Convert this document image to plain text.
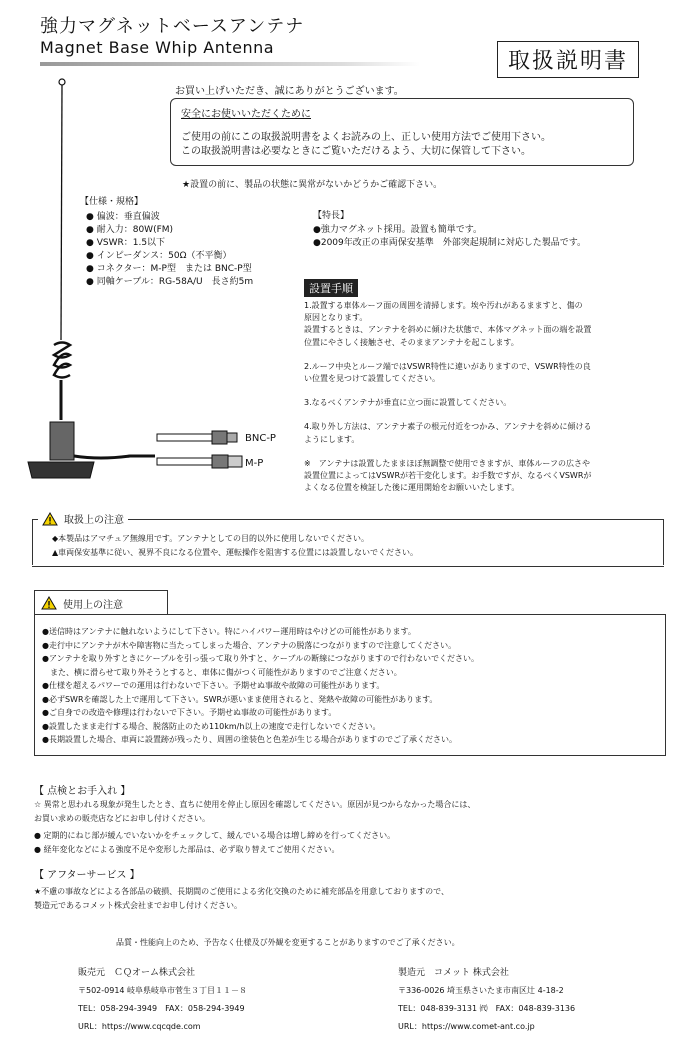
強力マグネットベースアンテナ
Magnet Base Whip Antenna
取扱説明書
BNC-P
M-P
お買い上げいただき、誠にありがとうございます。
安全にお使いいただくために
ご使用の前にこの取扱説明書をよくお読みの上、正しい使用方法でご使用下さい。
この取扱説明書は必要なときにご覧いただけるよう、大切に保管して下さい。
★設置の前に、製品の状態に異常がないかどうかご確認下さい。
【仕様・規格】
● 偏波：垂直偏波
● 耐入力：80W(FM)
● VSWR：1.5以下
● インピーダンス：50Ω（不平衡）
● コネクター：M-P型　または BNC-P型
● 同軸ケーブル：RG-58A/U　長さ約5m
【特長】
●強力マグネット採用。設置も簡単です。
●2009年改正の車両保安基準　外部突起規制に対応した製品です。
設置手順
1.設置する車体ルーフ面の周囲を清掃します。埃や汚れがあるまますと、傷の
原因となります。
設置するときは、アンテナを斜めに傾けた状態で、本体マグネット面の端を設置
位置にやさしく接触させ、そのままアンテナを起こします。
2.ルーフ中央とルーフ端ではVSWR特性に違いがありますので、VSWR特性の良
い位置を見つけて設置してください。
3.なるべくアンテナが垂直に立つ面に設置してください。
4.取り外し方法は、アンテナ素子の根元付近をつかみ、アンテナを斜めに傾ける
ようにします。
※　アンテナは設置したままほぼ無調整で使用できますが、車体ルーフの広さや
設置位置によってはVSWRが若干変化します。お手数ですが、なるべくVSWRが
よくなる位置を検証した後に運用開始をお願いいたします。
取扱上の注意
◆本製品はアマチュア無線用です。アンテナとしての目的以外に使用しないでください。
▲車両保安基準に従い、視界不良になる位置や、運転操作を阻害する位置には設置しないでください。
使用上の注意
●送信時はアンテナに触れないようにして下さい。特にハイパワー運用時はやけどの可能性があります。
●走行中にアンテナが木や障害物に当たってしまった場合、アンテナの脱落につながりますので注意してください。
●アンテナを取り外すときにケーブルを引っ張って取り外すと、ケーブルの断線につながりますので行わないでください。
　また、横に滑らせて取り外そうとすると、車体に傷がつく可能性がありますのでご注意ください。
●仕様を超えるパワーでの運用は行わないで下さい。予期せぬ事故や故障の可能性があります。
●必ずSWRを確認した上で運用して下さい。SWRが悪いまま使用されると、発熱や故障の可能性があります。
●ご自身での改造や修理は行わないで下さい。予期せぬ事故の可能性があります。
●設置したまま走行する場合、脱落防止のため110km/h以上の速度で走行しないでください。
●長期設置した場合、車両に設置跡が残ったり、周囲の塗装色と色差が生じる場合がありますのでご了承ください。
【 点検とお手入れ 】
☆ 異常と思われる現象が発生したとき、直ちに使用を停止し原因を確認してください。原因が見つからなかった場合には、
お買い求めの販売店などにお申し付けください。
● 定期的にねじ部が緩んでいないかをチェックして、緩んでいる場合は増し締めを行ってください。
● 経年変化などによる強度不足や変形した部品は、必ず取り替えてご使用ください。
【 アフターサービス 】
★不慮の事故などによる各部品の破損、長期間のご使用による劣化交換のために補充部品を用意しておりますので、
製造元であるコメット株式会社までお申し付けください。
品質・性能向上のため、予告なく仕様及び外観を変更することがありますのでご了承ください。
販売元　ＣＱオーム株式会社
〒502-0914 岐阜県岐阜市菅生３丁目１１－８
TEL：058-294-3949　FAX：058-294-3949
URL：https://www.cqcqde.com
製造元　コメット 株式会社
〒336-0026 埼玉県さいたま市南区辻 4-18-2
TEL：048-839-3131 ㈹　FAX：048-839-3136
URL：https://www.comet-ant.co.jp
